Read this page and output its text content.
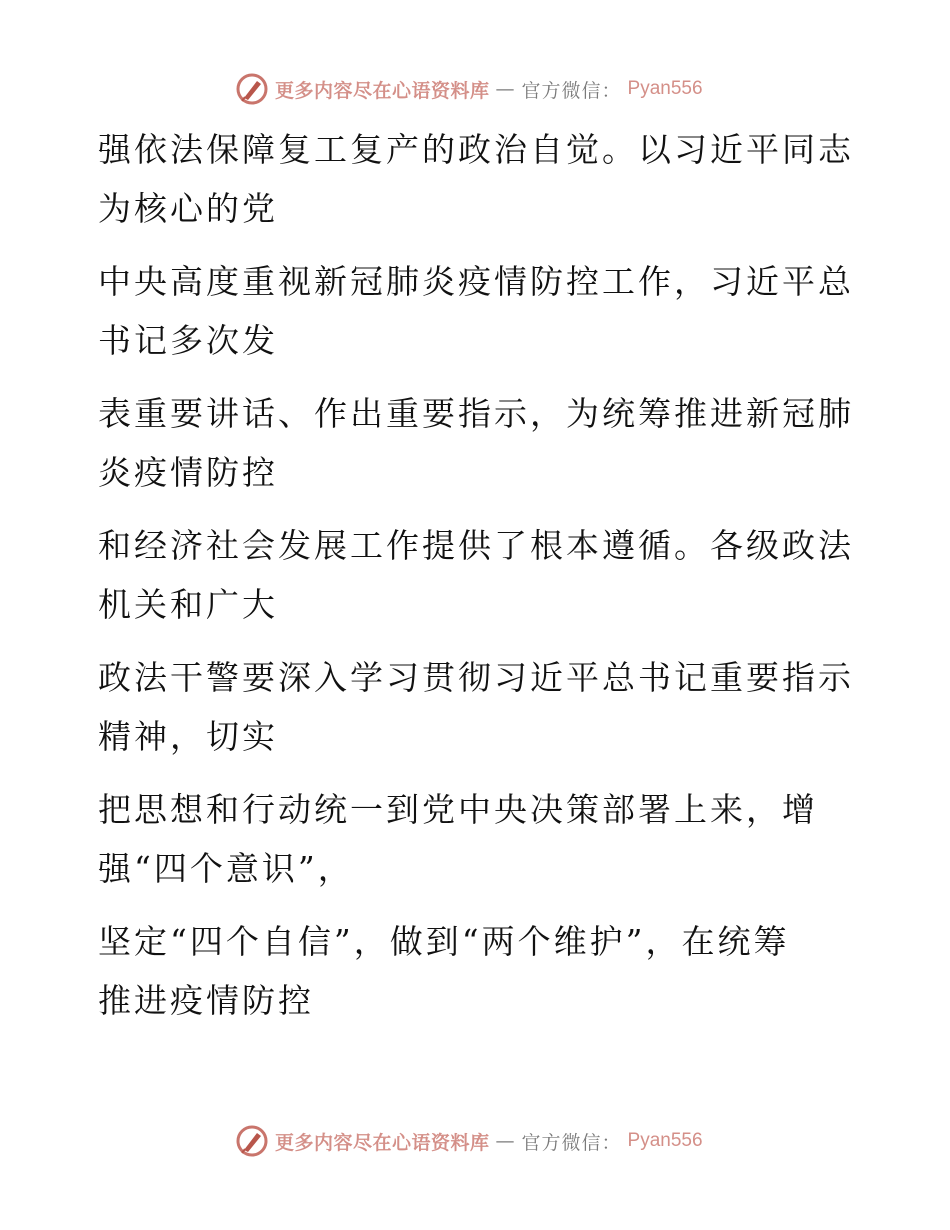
更多内容尽在心语资料库 — 官方微信： Pyan556

强依法保障复工复产的政治自觉。以习近平同志
为核心的党

中央高度重视新冠肺炎疫情防控工作，习近平总
书记多次发

表重要讲话、作出重要指示，为统筹推进新冠肺
炎疫情防控

和经济社会发展工作提供了根本遵循。各级政法
机关和广大

政法干警要深入学习贯彻习近平总书记重要指示
精神，切实

把思想和行动统一到党中央决策部署上来，增
强“四个意识”，

坚定“四个自信”，做到“两个维护”，在统筹
推进疫情防控

更多内容尽在心语资料库 — 官方微信： Pyan556
